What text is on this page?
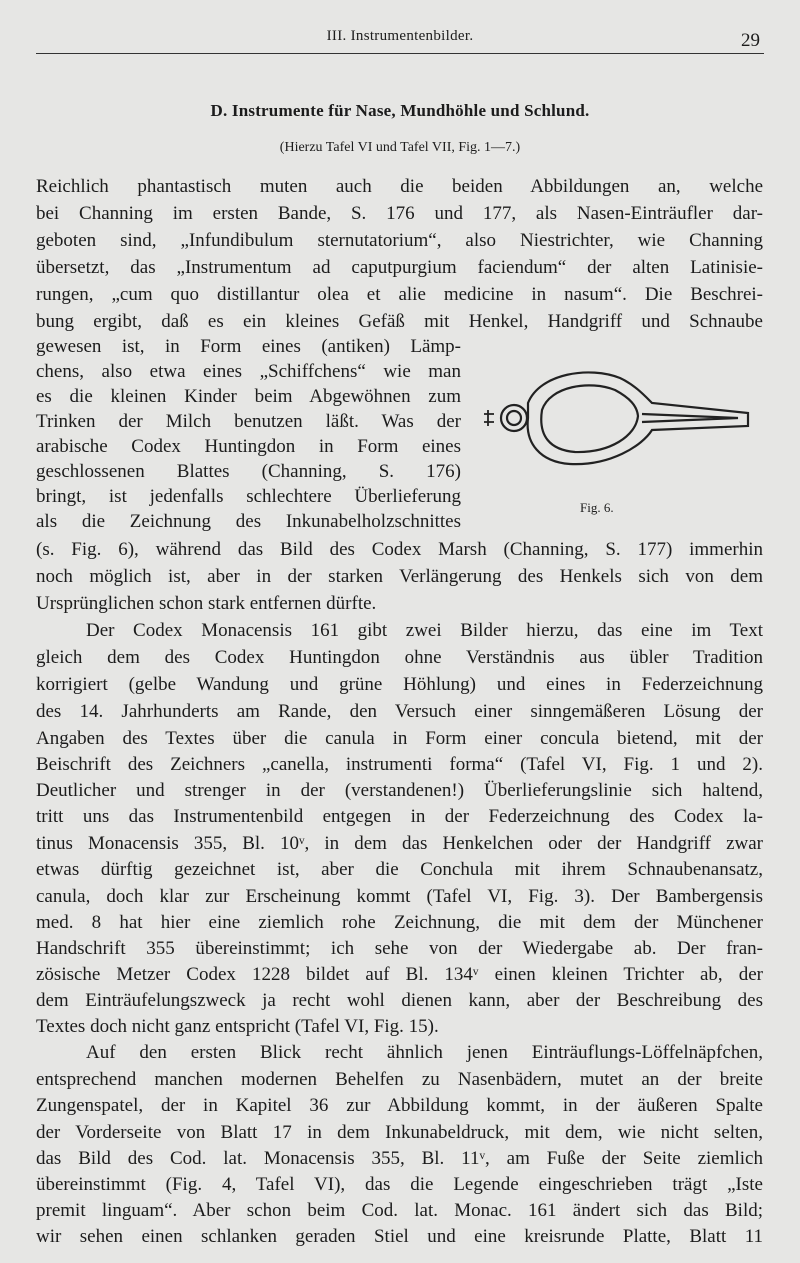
III. Instrumentenbilder.	29
D. Instrumente für Nase, Mundhöhle und Schlund.
(Hierzu Tafel VI und Tafel VII, Fig. 1—7.)
Reichlich phantastisch muten auch die beiden Abbildungen an, welche
bei Channing im ersten Bande, S. 176 und 177, als Nasen-Einträufler dar-
geboten sind, „Infundibulum sternutatorium“, also Niestrichter, wie Channing
übersetzt, das „Instrumentum ad caputpurgium faciendum“ der alten Latinisie-
rungen, „cum quo distillantur olea et alie medicine in nasum“. Die Beschrei-
bung ergibt, daß es ein kleines Gefäß mit Henkel, Handgriff und Schnaube
gewesen ist, in Form eines (antiken) Lämp-
chens, also etwa eines „Schiffchens“ wie man
es die kleinen Kinder beim Abgewöhnen zum
Trinken der Milch benutzen läßt. Was der
arabische Codex Huntingdon in Form eines
geschlossenen Blattes (Channing, S. 176)
bringt, ist jedenfalls schlechtere Überlieferung
als die Zeichnung des Inkunabelholzschnittes
(s. Fig. 6), während das Bild des Codex Marsh (Channing, S. 177) immerhin
noch möglich ist, aber in der starken Verlängerung des Henkels sich von dem
Ursprünglichen schon stark entfernen dürfte.
Der Codex Monacensis 161 gibt zwei Bilder hierzu, das eine im Text
gleich dem des Codex Huntingdon ohne Verständnis aus übler Tradition
korrigiert (gelbe Wandung und grüne Höhlung) und eines in Federzeichnung
des 14. Jahrhunderts am Rande, den Versuch einer sinngemäßeren Lösung der
Angaben des Textes über die canula in Form einer concula bietend, mit der
Beischrift des Zeichners „canella, instrumenti forma“ (Tafel VI, Fig. 1 und 2).
Deutlicher und strenger in der (verstandenen!) Überlieferungslinie sich haltend,
tritt uns das Instrumentenbild entgegen in der Federzeichnung des Codex la-
tinus Monacensis 355, Bl. 10ᵛ, in dem das Henkelchen oder der Handgriff zwar
etwas dürftig gezeichnet ist, aber die Conchula mit ihrem Schnaubenansatz,
canula, doch klar zur Erscheinung kommt (Tafel VI, Fig. 3). Der Bambergensis
med. 8 hat hier eine ziemlich rohe Zeichnung, die mit dem der Münchener
Handschrift 355 übereinstimmt; ich sehe von der Wiedergabe ab. Der fran-
zösische Metzer Codex 1228 bildet auf Bl. 134ᵛ einen kleinen Trichter ab, der
dem Einträufelungszweck ja recht wohl dienen kann, aber der Beschreibung des
Textes doch nicht ganz entspricht (Tafel VI, Fig. 15).
Auf den ersten Blick recht ähnlich jenen Einträuflungs-Löffelnäpfchen,
entsprechend manchen modernen Behelfen zu Nasenbädern, mutet an der breite
Zungenspatel, der in Kapitel 36 zur Abbildung kommt, in der äußeren Spalte
der Vorderseite von Blatt 17 in dem Inkunabeldruck, mit dem, wie nicht selten,
das Bild des Cod. lat. Monacensis 355, Bl. 11ᵛ, am Fuße der Seite ziemlich
übereinstimmt (Fig. 4, Tafel VI), das die Legende eingeschrieben trägt „Iste
premit linguam“. Aber schon beim Cod. lat. Monac. 161 ändert sich das Bild;
wir sehen einen schlanken geraden Stiel und eine kreisrunde Platte, Blatt 11
Fig. 6.
